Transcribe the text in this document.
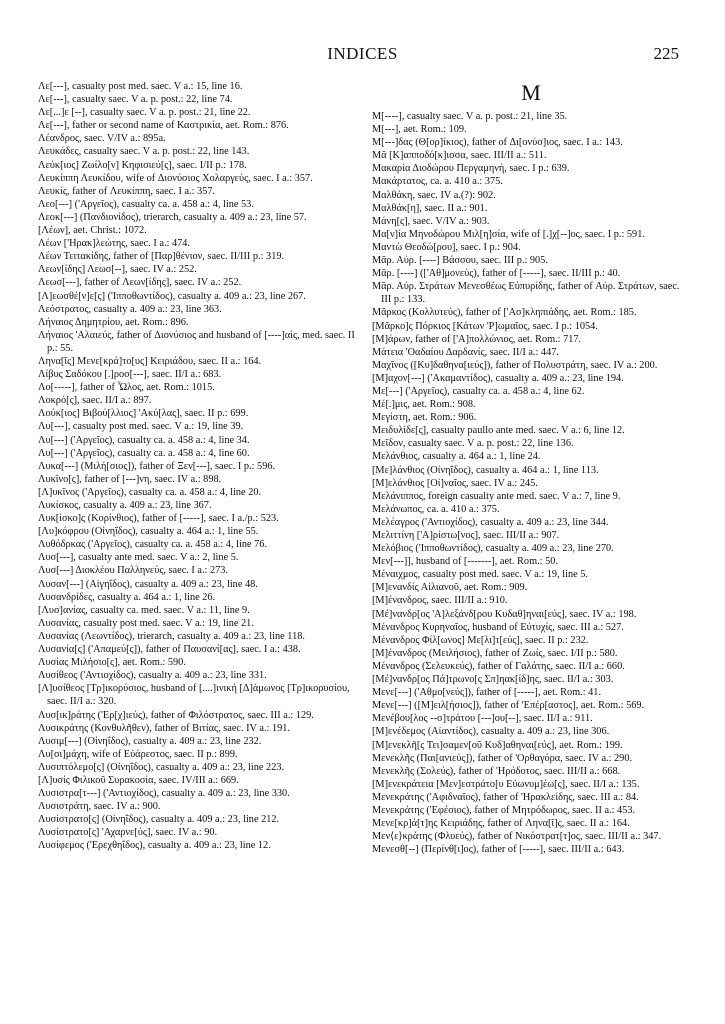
INDICES	225
Λε[---], casualty post med. saec. V a.: 15, line 16.
Λε[---], casualty saec. V a. p. post.: 22, line 74.
Λε[...]ε [--], casualty saec. V a. p. post.: 21, line 22.
Λε[---], father or second name of Καστρικία, aet. Rom.: 876.
Λέανδρος, saec. V/IV a.: 895a.
Λευκάδες, casualty saec. V a. p. post.: 22, line 143.
Λεύκ[ιος] Ζωίλο[ν] Κηφισιεύ[ς], saec. I/II p.: 178.
Λευκίππη Λευκίδου, wife of Διονύσιος Χολαργεύς, saec. I a.: 357.
Λευκίς, father of Λευκίππη, saec. I a.: 357.
Λεο[---] ('Αργεῖος), casualty ca. a. 458 a.: 4, line 53.
Λεοκ[---] (Πανδιονίδος), trierarch, casualty a. 409 a.: 23, line 57.
[Λέων], aet. Christ.: 1072.
Λέων ['Ηρακ]λεώτης, saec. I a.: 474.
Λέων Τειτακίδης, father of [Παρ]θένιον, saec. II/III p.: 319.
Λεων[ίδης] Λεωσ[--], saec. IV a.: 252.
Λεωσ[---], father of Λεων[ίδης], saec. IV a.: 252.
[Λ]εωσθέ[ν]ε[ς] ('Ιπποθωντίδος), casualty a. 409 a.: 23, line 267.
Λεόστρατος, casualty a. 409 a.: 23, line 363.
Λήναιος Δημητρίου, aet. Rom.: 896.
Λήναιος 'Αλαιεύς, father of Διονύσιος and husband of [----]αίς, med. saec. II p.: 55.
Ληνα[ῖς] Μενε[κρά]το[υς] Κειριάδου, saec. II a.: 164.
Λίβυς Σαδόκου [.]ροσ[---], saec. II/I a.: 683.
Λο[-----], father of Ὦλος, aet. Rom.: 1015.
Λοκρό[ς], saec. II/I a.: 897.
Λούκ[ιος] Βιβού[λλιος] 'Ακύ[λας], saec. II p.: 699.
Λυ[---], casualty post med. saec. V a.: 19, line 39.
Λυ[---] ('Αργεῖος), casualty ca. a. 458 a.: 4, line 34.
Λυ[---] ('Αργεῖος), casualty ca. a. 458 a.: 4, line 60.
Λυκα[---] (Μιλή[σιος]), father of Ξεν[---], saec. I p.: 596.
Λυκῖνο[ς], father of [---]νη, saec. IV a.: 898.
[Λ]υκῖνος ('Αργεῖος), casualty ca. a. 458 a.: 4, line 20.
Λυκίσκος, casualty a. 409 a.: 23, line 367.
Λυκ[ίσκο]ς (Κορίνθιος), father of [-----], saec. I a./p.: 523.
[Λυ]κόφρου (Οἰνηΐδος), casualty a. 464 a.: 1, line 55.
Λυθόδρκας ('Αργεῖος), casualty ca. a. 458 a.: 4, line 76.
Λυσ[---], casualty ante med. saec. V a.: 2, line 5.
Λυσ[---] Διοκλέου Παλληνεύς, saec. I a.: 273.
Λυσαν[---] (Αἰγηΐδος), casualty a. 409 a.: 23, line 48.
Λυσανδρίδες, casualty a. 464 a.: 1, line 26.
[Λυσ]ανίας, casualty ca. med. saec. V a.: 11, line 9.
Λυσανίας, casualty post med. saec. V a.: 19, line 21.
Λυσανίας (Λεωντίδος), trierarch, casualty a. 409 a.: 23, line 118.
Λυσανία[ς] ('Απαμεύ[ς]), father of Παυσανί[ας], saec. I a.: 438.
Λυσίας Μιλήσιο[ς], aet. Rom.: 590.
Λυσίθεος ('Αντιοχίδος), casualty a. 409 a.: 23, line 331.
[Λ]υσίθεος [Τρ]ικορύσιος, husband of [....]ινική [Δ]άμωνος [Τρ]ικορυσίου, saec. II/I a.: 320.
Λυσ[ικ]ράτης ('Ερ[χ]ιεύς), father of Φιλόστρατος, saec. III a.: 129.
Λυσικράτης (Κονθυλῆθεν), father of Βιτίας, saec. IV a.: 191.
Λυσιμ[---] (Οἰνηΐδος), casualty a. 409 a.: 23, line 232.
Λυ[σι]μάχη, wife of Εὐάρεστος, saec. II p.: 899.
Λυσιπτόλεμο[ς] (Οἰνηΐδος), casualty a. 409 a.: 23, line 223.
[Λ]υσίς Φιλικοῦ Συρακοσία, saec. IV/III a.: 669.
Λυσιστρα[τ---] ('Αντιοχίδος), casualty a. 409 a.: 23, line 330.
Λυσιστράτη, saec. IV a.: 900.
Λυσίστρατο[ς] (Οἰνηΐδος), casualty a. 409 a.: 23, line 212.
Λυσίστρατο[ς] 'Αχαρνε[ύς], saec. IV a.: 90.
Λυσίφεμος ('Ερεχθηΐδος), casualty a. 409 a.: 23, line 12.
M
Μ[----], casualty saec. V a. p. post.: 21, line 35.
Μ[---], aet. Rom.: 109.
Μ[---]δας (Θ[ορ]ίκιος), father of Δι[ονύσ]ιος, saec. I a.: 143.
Μᾶ [Κ]απποδό[κ]ισσα, saec. III/II a.: 511.
Μακαρία Διοδώρου Περγαμηνή, saec. I p.: 639.
Μακάρτατος, ca. a. 410 a.: 375.
Μαλθάκη, saec. IV a.(?): 902.
Μαλθάκ[η], saec. II a.: 901.
Μάνη[ς], saec. V/IV a.: 903.
Μα[ν]ία Μηνοδώρου Μιλ[η]σία, wife of [.]χ[--]ος, saec. I p.: 591.
Μαντὼ Θεοδώ[ρου], saec. I p.: 904.
Μᾶρ. Αὐρ. [----] Βάσσου, saec. III p.: 905.
Μᾶρ. [----] (['Αθ]μονεύς), father of [-----], saec. II/III p.: 40.
Μᾶρ. Αὐρ. Στράτων Μενεσθέως Εὐπυρίδης, father of Αὐρ. Στράτων, saec. III p.: 133.
Μᾶρκος (Κολλυτεύς), father of ['Ασ]κληπιάδης, aet. Rom.: 185.
[Μᾶρκο]ς Πόρκιος [Κάτων 'Ρ]ωμαῖος, saec. I p.: 1054.
[Μ]άρων, father of ['Α]πολλώνιος, aet. Rom.: 717.
Μάτεια 'Οαδαίου Δαρδανίς, saec. II/I a.: 447.
Μαχῖνος ([Κυ]δαθηνα[ιεύς]), father of Πολυστράτη, saec. IV a.: 200.
[Μ]αχον[---] ('Ακαμαντίδος), casualty a. 409 a.: 23, line 194.
Με[---] ('Αργεῖος), casualty ca. a. 458 a.: 4, line 62.
Μέ[.]μις, aet. Rom.: 908.
Μεγίστη, aet. Rom.: 906.
Μειδυλίδε[ς], casualty paullo ante med. saec. V a.: 6, line 12.
Μεῖδον, casualty saec. V a. p. post.: 22, line 136.
Μελάνθιος, casualty a. 464 a.: 1, line 24.
[Με]λάνθιος (Οἰνηΐδος), casualty a. 464 a.: 1, line 113.
[Μ]ελάνθιος [Οἰ]ναῖος, saec. IV a.: 245.
Μελάνιππος, foreign casualty ante med. saec. V a.: 7, line 9.
Μελάνωπος, ca. a. 410 a.: 375.
Μελέαγρος ('Αντιοχίδος), casualty a. 409 a.: 23, line 344.
Μελιττίνη ['Α]ρίστω[νος], saec. III/II a.: 907.
Μελόβιος ('Ιπποθωντίδος), casualty a. 409 a.: 23, line 270.
Μεν[---]], husband of [-------], aet. Rom.: 50.
Μέναιχμος, casualty post med. saec. V a.: 19, line 5.
[Μ]ενανδίς Αἰλιανοῦ, aet. Rom.: 909.
[Μ]ένανδρος, saec. III/II a.: 910.
[Μέ]νανδρ[ος 'Α]λεξάνδ[ρου Κυδαθ]ηναι[εύς], saec. IV a.: 198.
Μένανδρος Κυρηναῖος, husband of Εὐτυχίς, saec. III a.: 527.
Μένανδρος Φίλ[ωνος] Με[λι]τ[εύς], saec. II p.: 232.
[Μ]ένανδρος (Μειλήσιος), father of Ζωίς, saec. I/II p.: 580.
Μένανδρος (Σελευκεύς), father of Γαλάτης, saec. II/I a.: 660.
[Μέ]νανδρ[ος Πά]τρωνο[ς Σπ]ηακ[ίδ]ης, saec. II/I a.: 303.
Μενε[---] ('Αθμο[νεύς]), father of [-----], aet. Rom.: 41.
Μενε[---] ([Μ]ειλ[ήσιος]), father of 'Επέρ[αστος], aet. Rom.: 569.
Μενέβου[λος --σ]τράτου [---]ου[--], saec. II/I a.: 911.
[Μ]ενέδεμος (Αἰαντίδος), casualty a. 409 a.: 23, line 306.
[Μ]ενεκλῆ[ς Τει]σαμεν[οῦ Κυδ]αθηναι[εύς], aet. Rom.: 199.
Μενεκλῆς (Παι[ανιεύς]), father of 'Ορθαγόρα, saec. IV a.: 290.
Μενεκλῆς (Σολεύς), father of 'Ηρόδοτος, saec. III/II a.: 668.
[Μ]ενεκράτεια [Μεν]εστράτο[υ Εὐωνυμ]έω[ς], saec. II/I a.: 135.
Μενεκράτης ('Αφιδναῖος), father of 'Ηρακλείδης, saec. III a.: 84.
Μενεκράτης ('Εφέσιος), father of Μητρόδωρος, saec. II a.: 453.
Μενε[κρ]ά[τ]ης Κειριάδης, father of Ληνα[ῖ]ς, saec. II a.: 164.
Μεν⟨ε⟩κράτης (Φλυεύς), father of Νικόστρατ[τ]ος, saec. III/II a.: 347.
Μενεσθ[--] (Περίνθ[ι]ος), father of [-----], saec. III/II a.: 643.
